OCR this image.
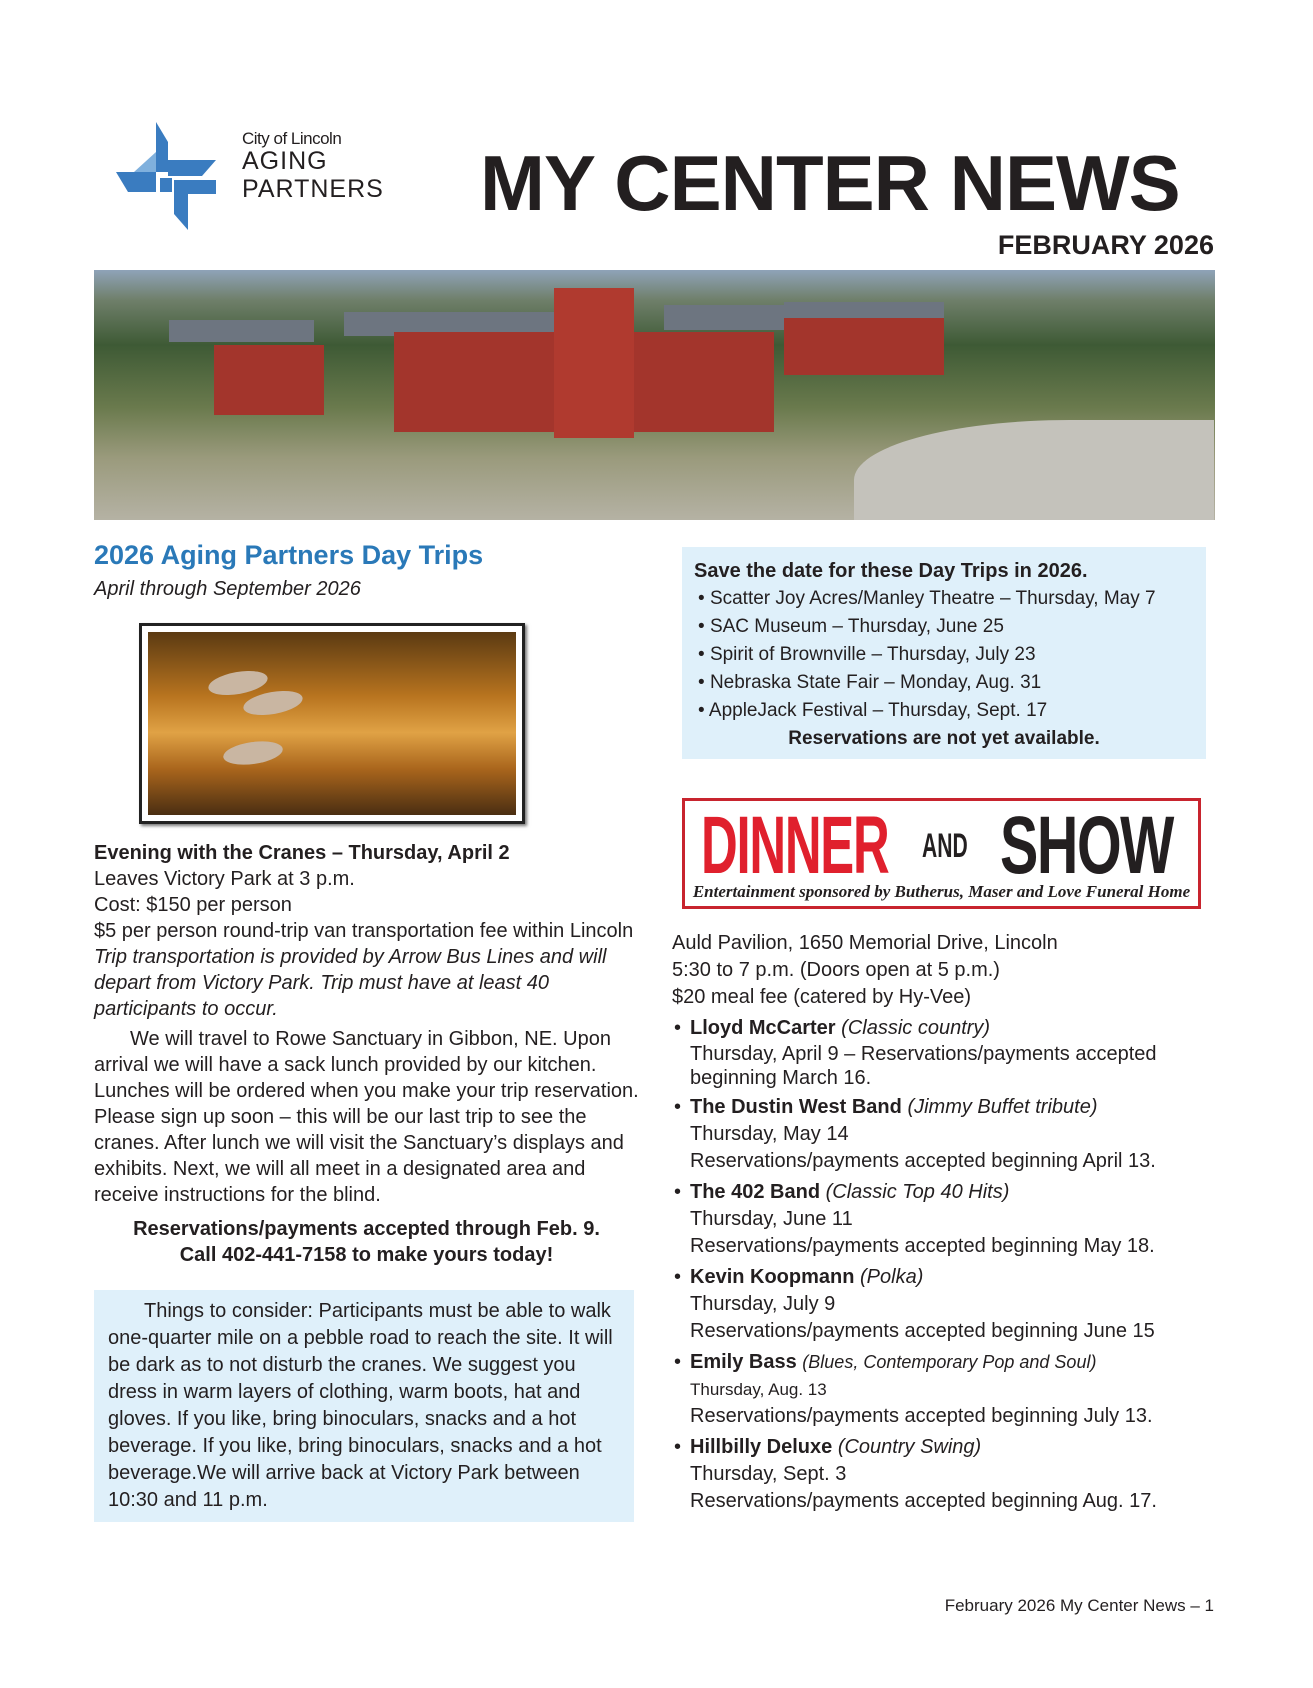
City of Lincoln
AGING
PARTNERS MY CENTER NEWS
FEBRUARY 2026
2026 Aging Partners Day Trips
April through September 2026
Evening with the Cranes – Thursday, April 2
Leaves Victory Park at 3 p.m.
Cost: $150 per person
$5 per person round-trip van transportation fee within Lincoln
Trip transportation is provided by Arrow Bus Lines and will depart from Victory Park. Trip must have at least 40 participants to occur.
We will travel to Rowe Sanctuary in Gibbon, NE. Upon arrival we will have a sack lunch provided by our kitchen. Lunches will be ordered when you make your trip reservation. Please sign up soon – this will be our last trip to see the cranes. After lunch we will visit the Sanctuary’s displays and exhibits. Next, we will all meet in a designated area and receive instructions for the blind.
Reservations/payments accepted through Feb. 9.
Call 402-441-7158 to make yours today!
Things to consider: Participants must be able to walk one-quarter mile on a pebble road to reach the site. It will be dark as to not disturb the cranes. We suggest you dress in warm layers of clothing, warm boots, hat and gloves. If you like, bring binoculars, snacks and a hot beverage. If you like, bring binoculars, snacks and a hot beverage.We will arrive back at Victory Park between 10:30 and 11 p.m.
Save the date for these Day Trips in 2026.
• Scatter Joy Acres/Manley Theatre – Thursday, May 7
• SAC Museum – Thursday, June 25
• Spirit of Brownville – Thursday, July 23
• Nebraska State Fair – Monday, Aug. 31
• AppleJack Festival – Thursday, Sept. 17
Reservations are not yet available.
DINNER AND SHOW
Entertainment sponsored by Butherus, Maser and Love Funeral Home
Auld Pavilion, 1650 Memorial Drive, Lincoln
5:30 to 7 p.m. (Doors open at 5 p.m.)
$20 meal fee (catered by Hy-Vee)
• Lloyd McCarter (Classic country)
Thursday, April 9 – Reservations/payments accepted beginning March 16.
• The Dustin West Band (Jimmy Buffet tribute)
Thursday, May 14
Reservations/payments accepted beginning April 13.
• The 402 Band (Classic Top 40 Hits)
Thursday, June 11
Reservations/payments accepted beginning May 18.
• Kevin Koopmann (Polka)
Thursday, July 9
Reservations/payments accepted beginning June 15
• Emily Bass (Blues, Contemporary Pop and Soul)
Thursday, Aug. 13
Reservations/payments accepted beginning July 13.
• Hillbilly Deluxe (Country Swing)
Thursday, Sept. 3
Reservations/payments accepted beginning Aug. 17.
February 2026 My Center News – 1
